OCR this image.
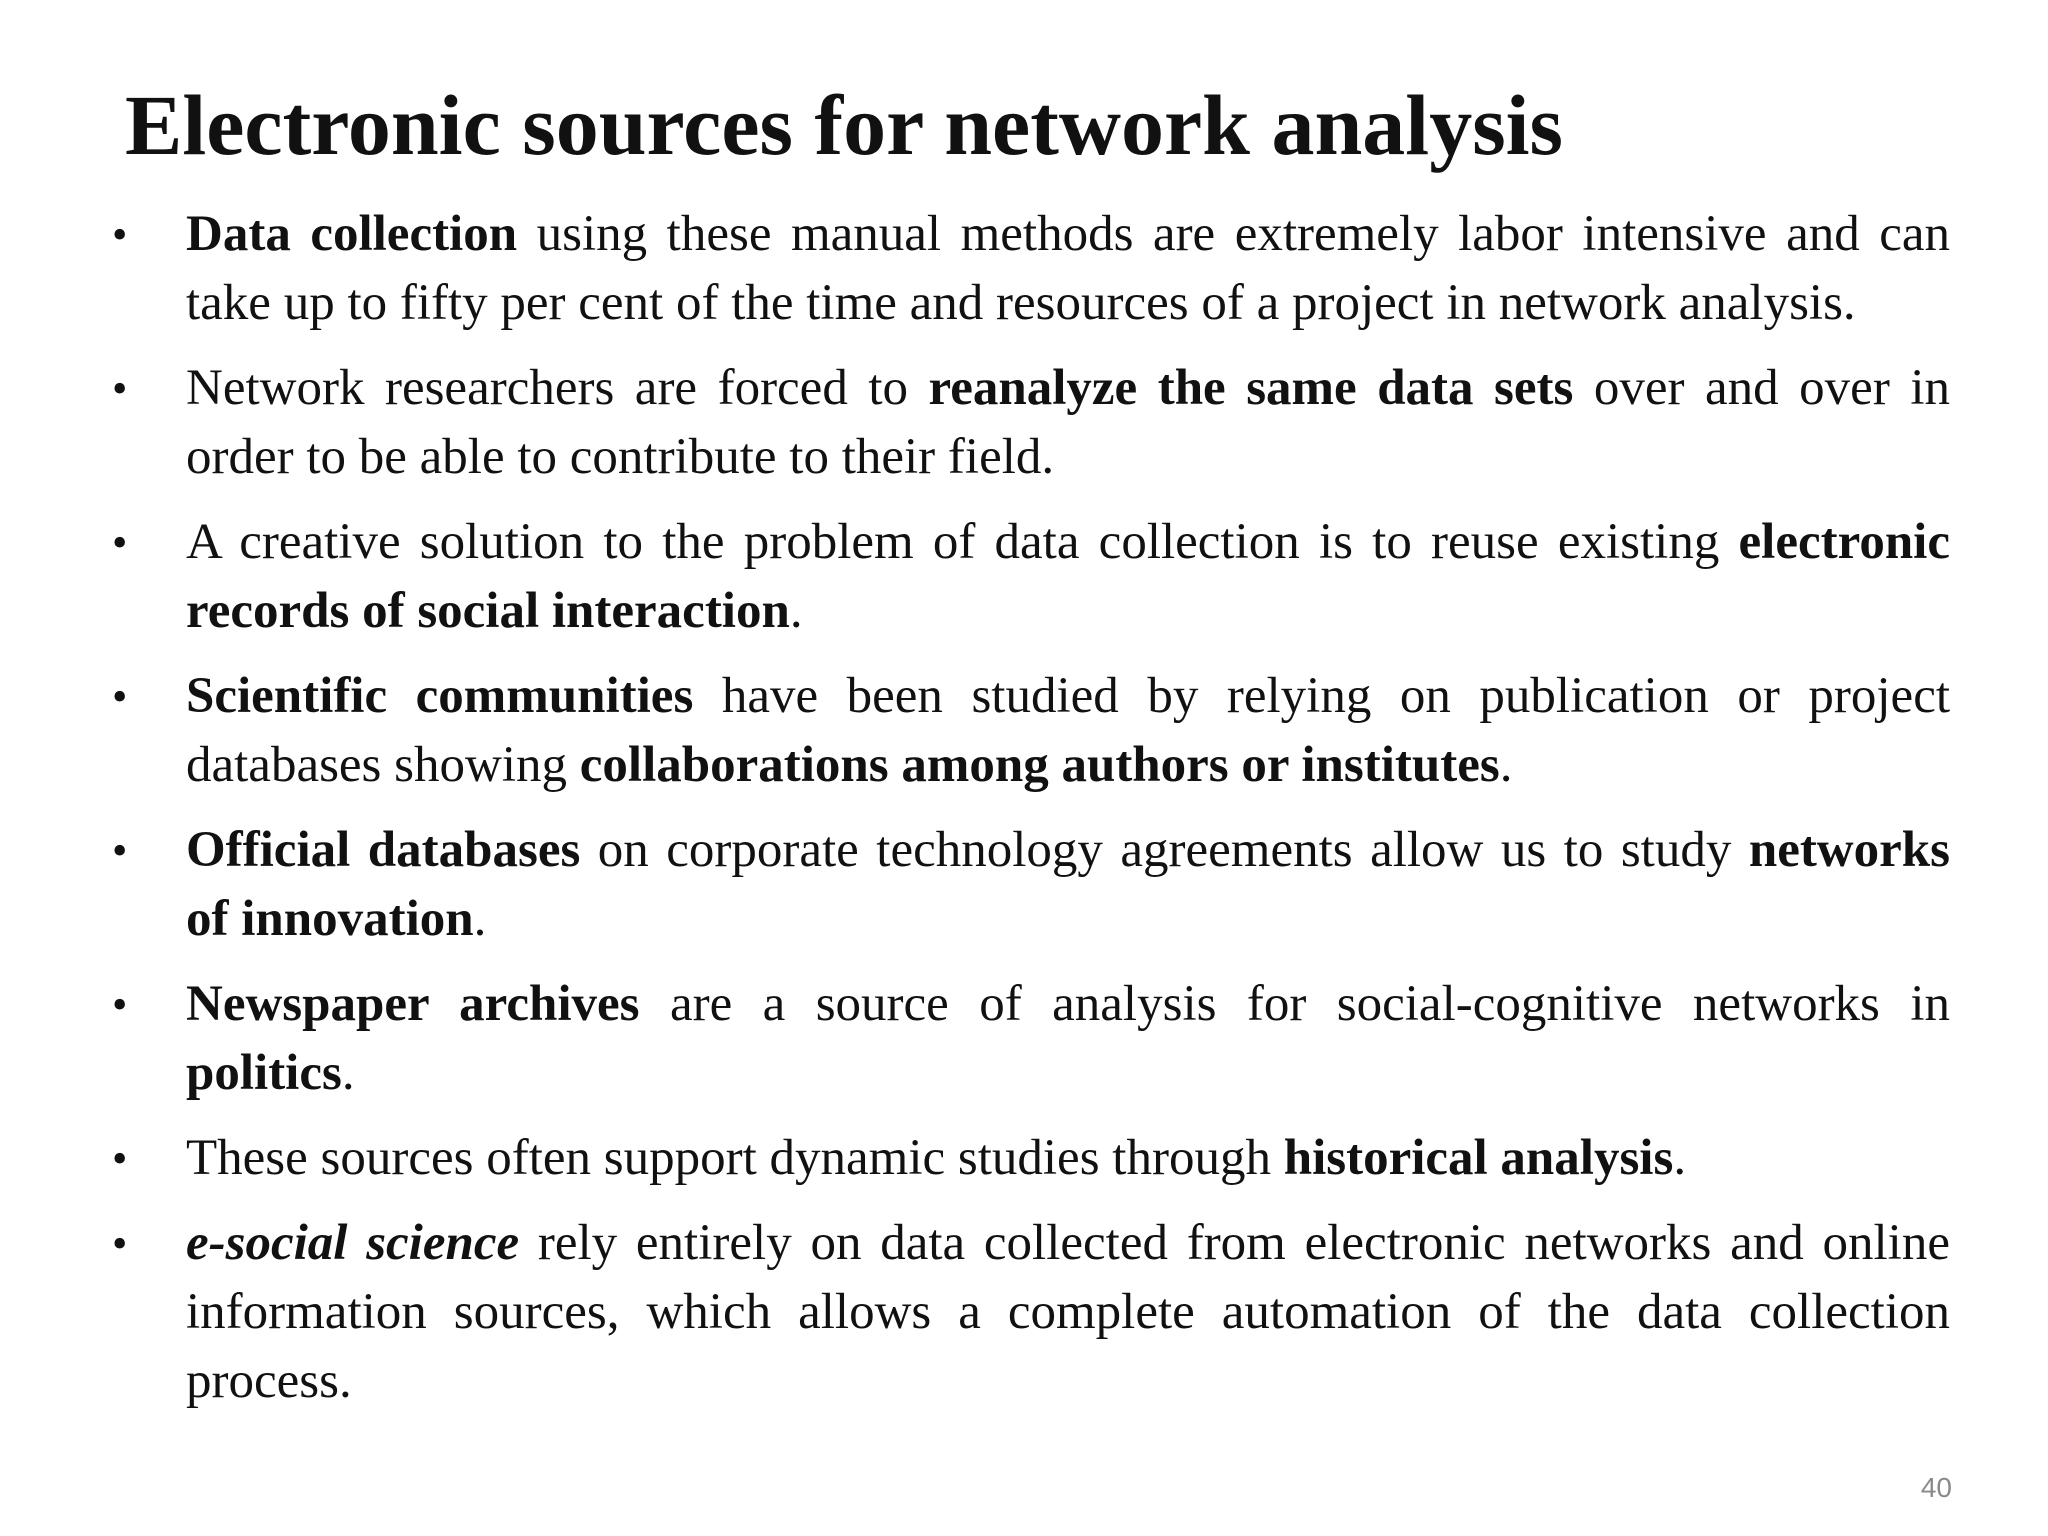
Electronic sources for network analysis
•	Data collection using these manual methods are extremely labor intensive and can take up to fifty per cent of the time and resources of a project in network analysis.
•	Network researchers are forced to reanalyze the same data sets over and over in order to be able to contribute to their field.
•	A creative solution to the problem of data collection is to reuse existing electronic records of social interaction.
•	Scientific communities have been studied by relying on publication or project databases showing collaborations among authors or institutes.
•	Official databases on corporate technology agreements allow us to study networks of innovation.
•	Newspaper archives are a source of analysis for social-cognitive networks in politics.
•	These sources often support dynamic studies through historical analysis.
•	e-social science rely entirely on data collected from electronic networks and online information sources, which allows a complete automation of the data collection process.
40
